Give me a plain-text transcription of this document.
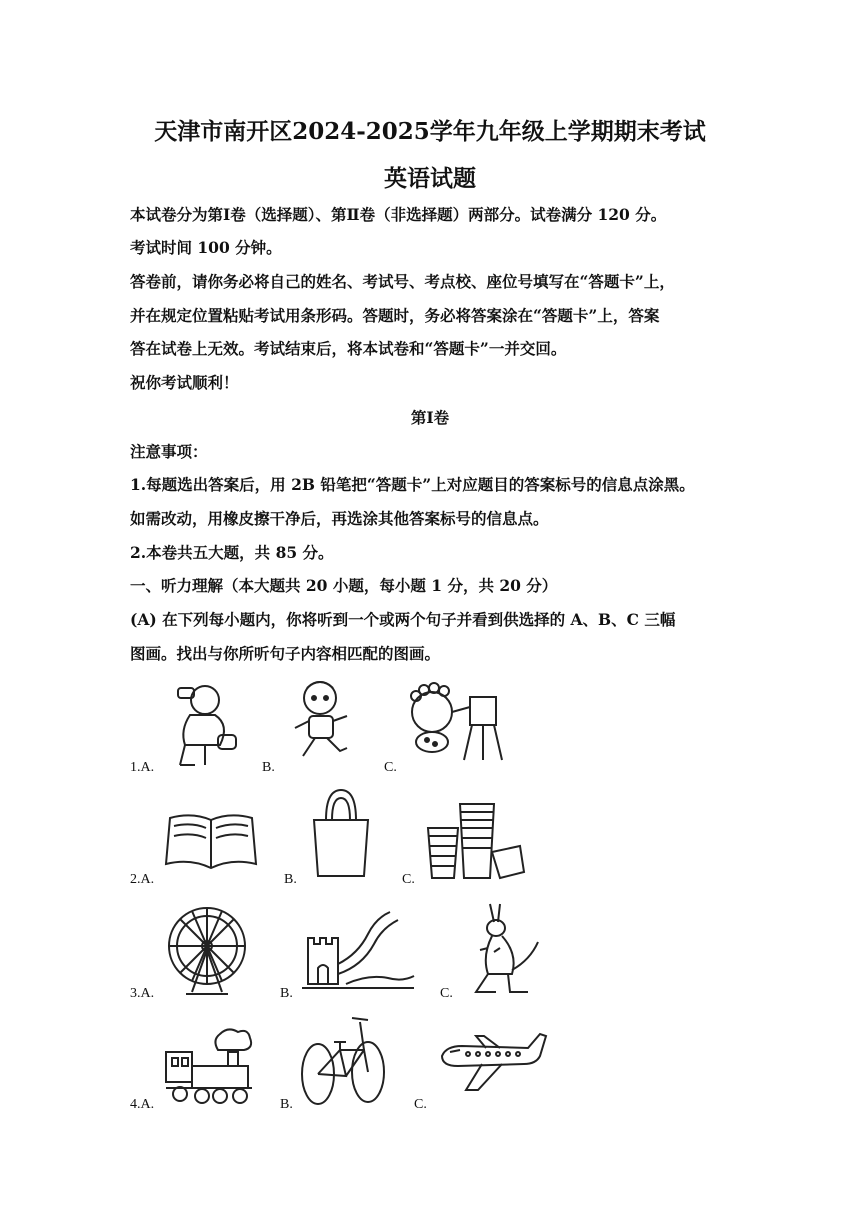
天津市南开区2024-2025学年九年级上学期期末考试
英语试题
本试卷分为第Ⅰ卷（选择题）、第Ⅱ卷（非选择题）两部分。试卷满分 120 分。
考试时间 100 分钟。
答卷前，请你务必将自己的姓名、考试号、考点校、座位号填写在“答题卡”上，
并在规定位置粘贴考试用条形码。答题时，务必将答案涂在“答题卡”上，答案
答在试卷上无效。考试结束后，将本试卷和“答题卡”一并交回。
祝你考试顺利！
第Ⅰ卷
注意事项：
1.每题选出答案后，用 2B 铅笔把“答题卡”上对应题目的答案标号的信息点涂黑。
如需改动，用橡皮擦干净后，再选涂其他答案标号的信息点。
2.本卷共五大题，共 85 分。
一、听力理解（本大题共 20 小题，每小题 1 分，共 20 分）
(A) 在下列每小题内，你将听到一个或两个句子并看到供选择的 A、B、C 三幅
图画。找出与你所听句子内容相匹配的图画。
1.A.	B.	C.
2.A.	B.	C.
3.A.	B.	C.
4.A.	B.	C.
